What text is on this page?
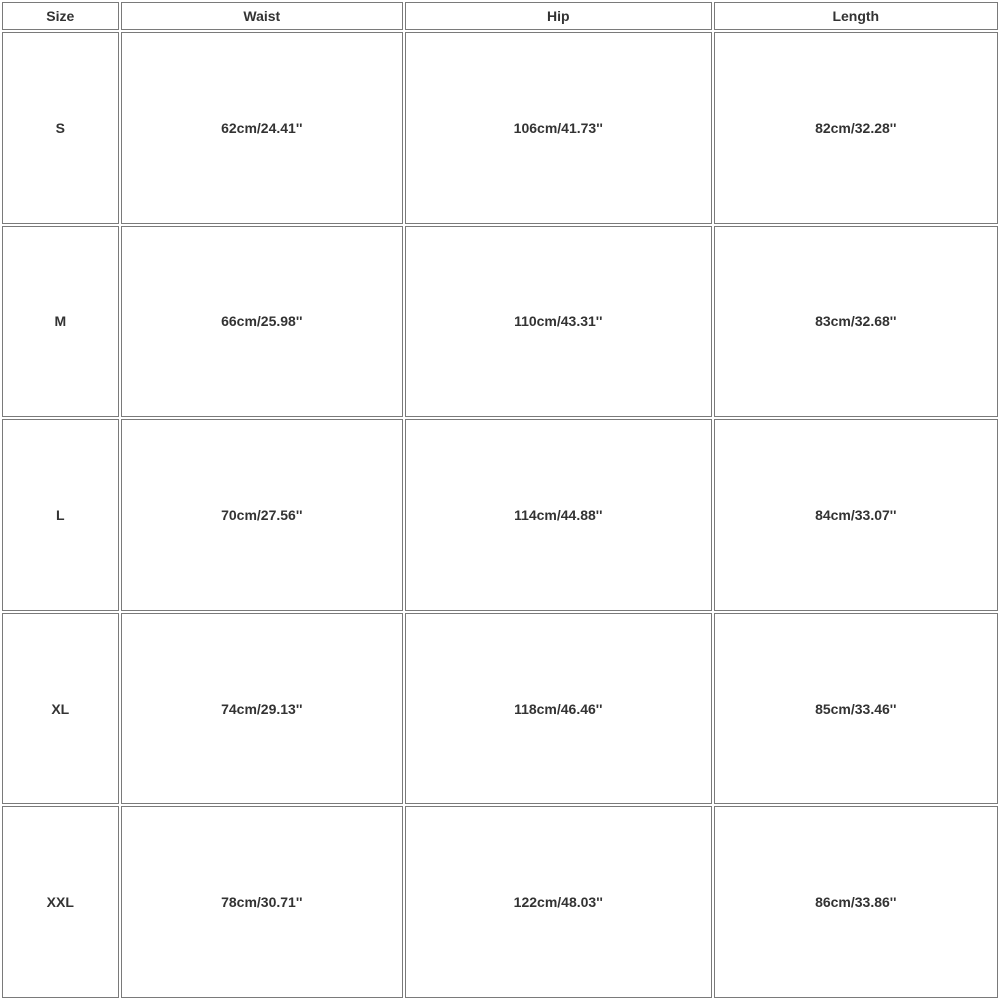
Size	Waist	Hip	Length
S	62cm/24.41''	106cm/41.73''	82cm/32.28''
M	66cm/25.98''	110cm/43.31''	83cm/32.68''
L	70cm/27.56''	114cm/44.88''	84cm/33.07''
XL	74cm/29.13''	118cm/46.46''	85cm/33.46''
XXL	78cm/30.71''	122cm/48.03''	86cm/33.86''
